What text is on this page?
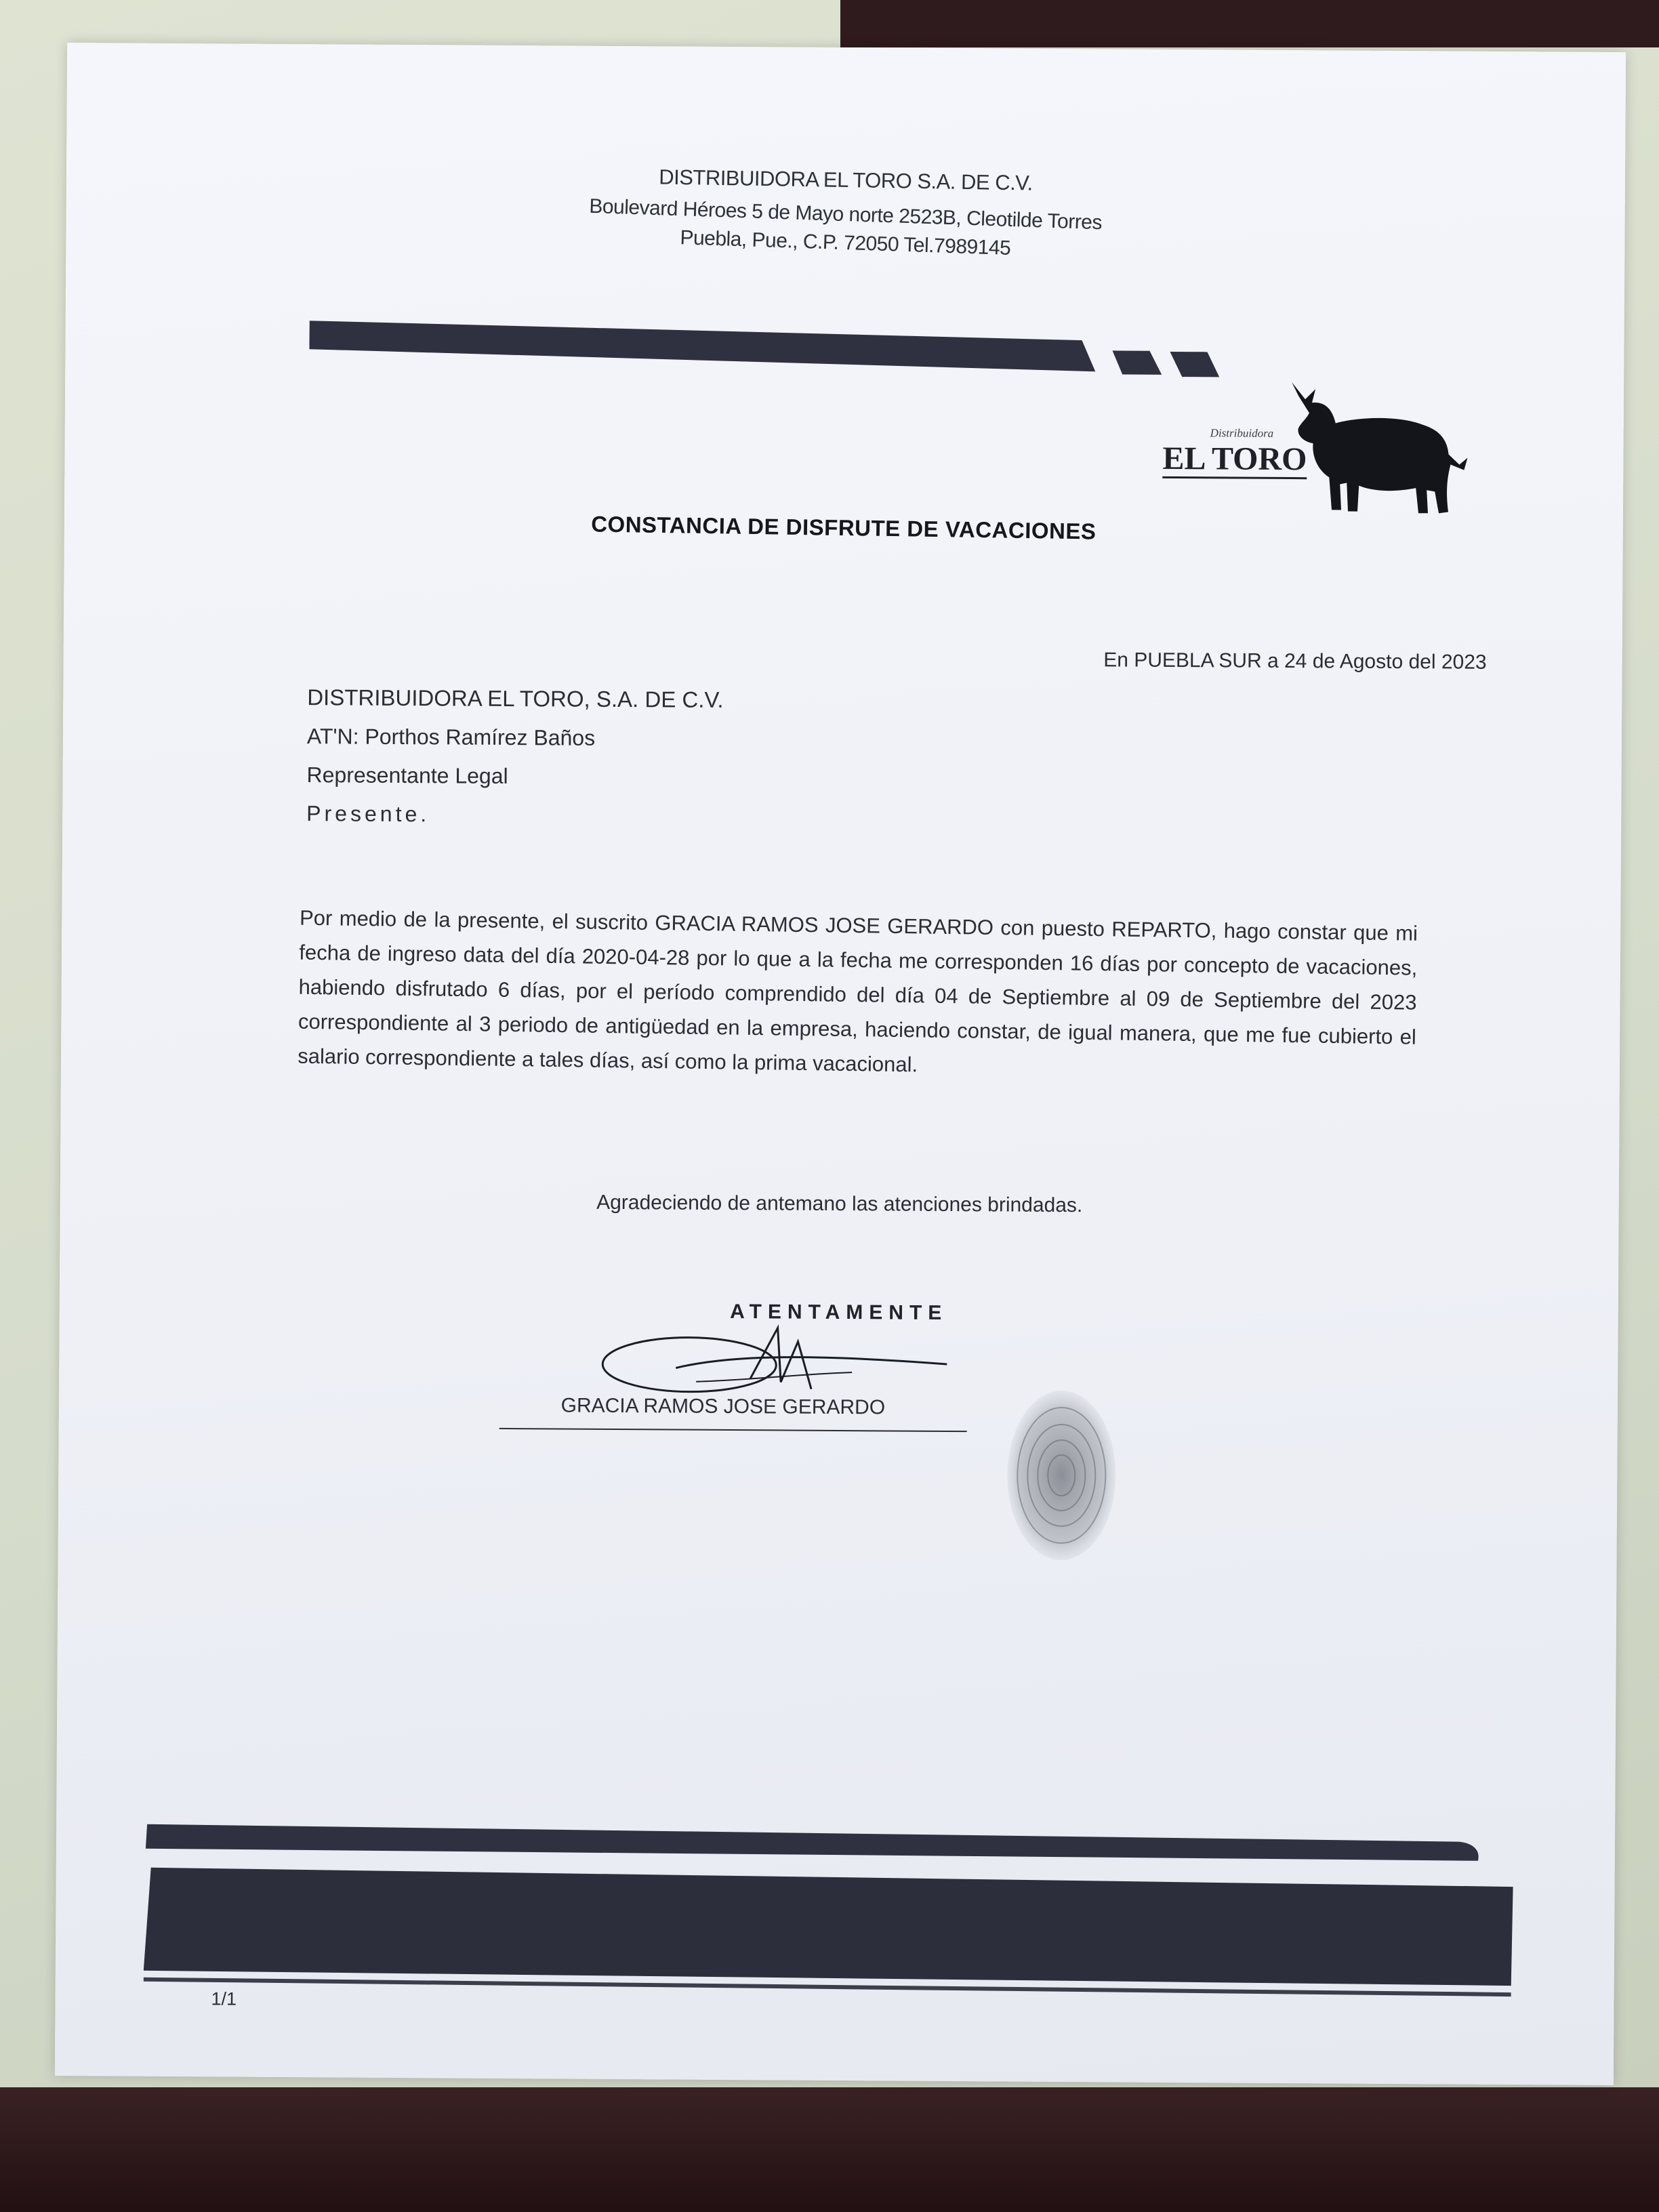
DISTRIBUIDORA EL TORO S.A. DE C.V.
Boulevard Héroes 5 de Mayo norte 2523B, Cleotilde Torres
Puebla, Pue., C.P. 72050 Tel.7989145
Distribuidora
EL TORO
CONSTANCIA DE DISFRUTE DE VACACIONES
En PUEBLA SUR a 24 de Agosto del 2023
DISTRIBUIDORA EL TORO, S.A. DE C.V.
AT'N: Porthos Ramírez Baños
Representante Legal
Presente.
Por medio de la presente, el suscrito GRACIA RAMOS JOSE GERARDO con puesto REPARTO, hago constar que mi fecha de ingreso data del día 2020-04-28 por lo que a la fecha me corresponden 16 días por concepto de vacaciones, habiendo disfrutado 6 días, por el período comprendido del día 04 de Septiembre al 09 de Septiembre del 2023 correspondiente al 3 periodo de antigüedad en la empresa, haciendo constar, de igual manera, que me fue cubierto el salario correspondiente a tales días, así como la prima vacacional.
Agradeciendo de antemano las atenciones brindadas.
ATENTAMENTE
GRACIA RAMOS JOSE GERARDO
1/1
